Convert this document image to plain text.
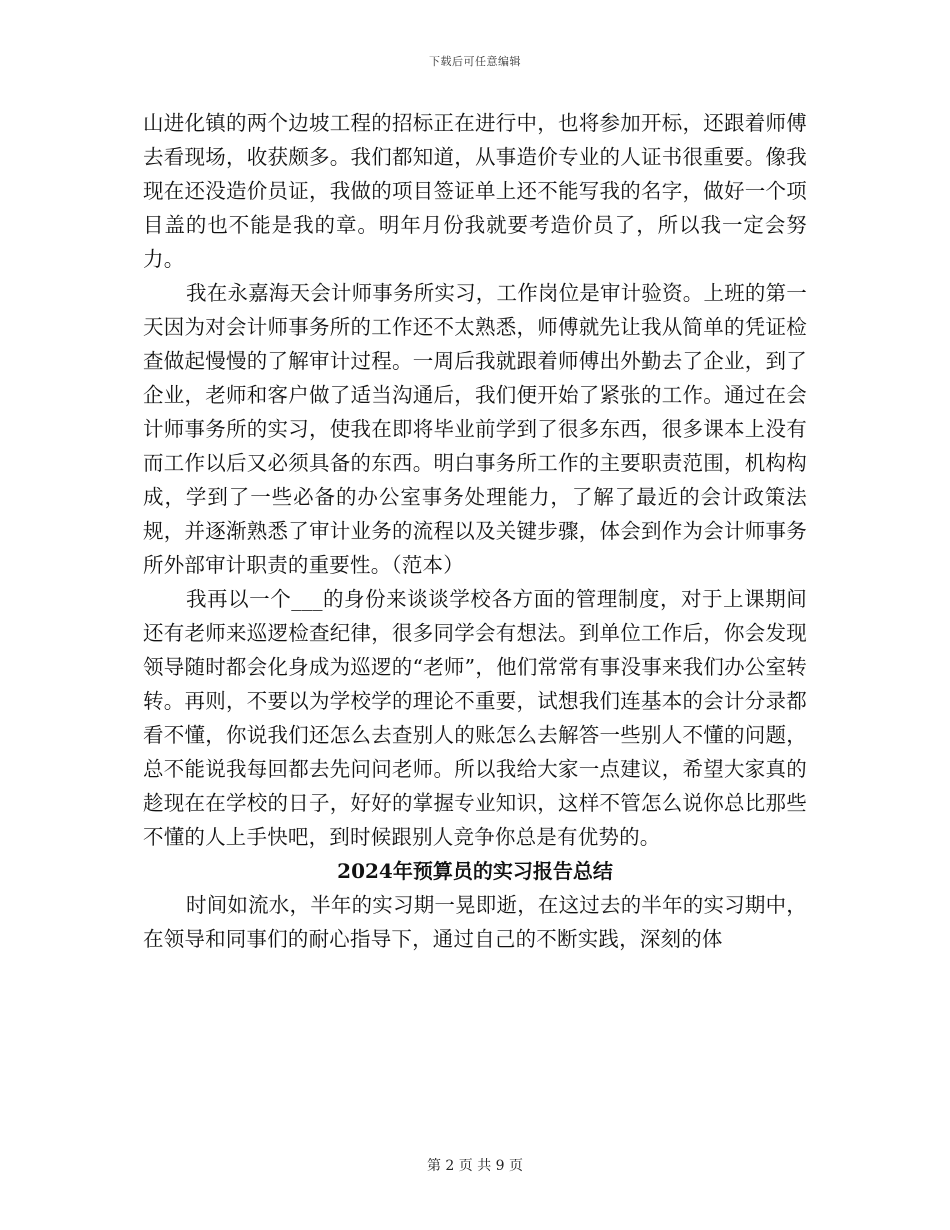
下载后可任意编辑

山进化镇的两个边坡工程的招标正在进行中，也将参加开标，还跟着师傅去看现场，收获颇多。我们都知道，从事造价专业的人证书很重要。像我现在还没造价员证，我做的项目签证单上还不能写我的名字，做好一个项目盖的也不能是我的章。明年月份我就要考造价员了，所以我一定会努力。

我在永嘉海天会计师事务所实习，工作岗位是审计验资。上班的第一天因为对会计师事务所的工作还不太熟悉，师傅就先让我从简单的凭证检查做起慢慢的了解审计过程。一周后我就跟着师傅出外勤去了企业，到了企业，老师和客户做了适当沟通后，我们便开始了紧张的工作。通过在会计师事务所的实习，使我在即将毕业前学到了很多东西，很多课本上没有而工作以后又必须具备的东西。明白事务所工作的主要职责范围，机构构成，学到了一些必备的办公室事务处理能力，了解了最近的会计政策法规，并逐渐熟悉了审计业务的流程以及关键步骤，体会到作为会计师事务所外部审计职责的重要性。（范本）

我再以一个___的身份来谈谈学校各方面的管理制度，对于上课期间还有老师来巡逻检查纪律，很多同学会有想法。到单位工作后，你会发现领导随时都会化身成为巡逻的“老师”，他们常常有事没事来我们办公室转转。再则，不要以为学校学的理论不重要，试想我们连基本的会计分录都看不懂，你说我们还怎么去查别人的账怎么去解答一些别人不懂的问题，总不能说我每回都去先问问老师。所以我给大家一点建议，希望大家真的趁现在在学校的日子，好好的掌握专业知识，这样不管怎么说你总比那些不懂的人上手快吧，到时候跟别人竞争你总是有优势的。

2024年预算员的实习报告总结

时间如流水，半年的实习期一晃即逝，在这过去的半年的实习期中，在领导和同事们的耐心指导下，通过自己的不断实践，深刻的体

第 2 页 共 9 页
